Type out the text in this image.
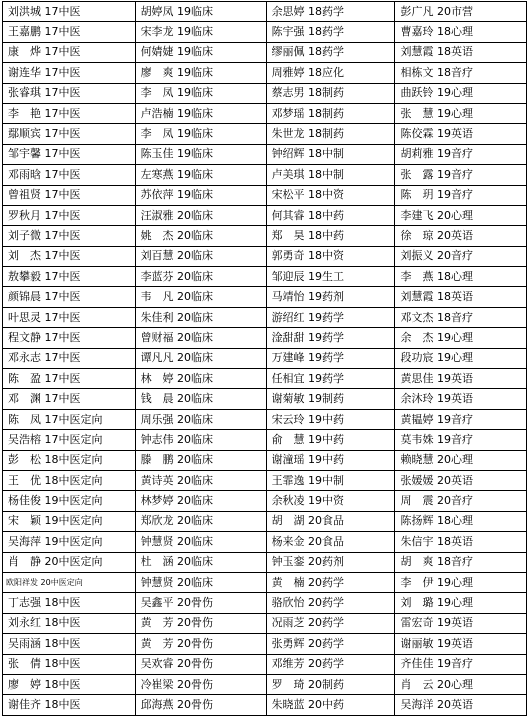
刘洪城 17中医	胡婷凤 19临床	余思婷 18药学	彭广凡 20市营
王嘉鹏 17中医	宋李龙 19临床	陈宇强 18药学	曹嘉玲 18心理
康　烨 17中医	何婧婕 19临床	缪丽佩 18药学	刘慧霞 18英语
谢连华 17中医	廖　爽 19临床	周雅婷 18应化	相栋文 18音疗
张睿琪 17中医	李　凤 19临床	蔡志男 18制药	曲跃铃 19心理
李　艳 17中医	卢浩楠 19临床	邓梦瑶 18制药	张　慧 19心理
鄢顺宾 17中医	李　凤 19临床	朱世龙 18制药	陈佼霖 19英语
邹宇馨 17中医	陈玉佳 19临床	钟绍辉 18中制	胡莉雅 19音疗
邓雨晗 17中医	左寒燕 19临床	卢美琪 18中制	张　露 19音疗
曾祖贤 17中医	苏依萍 19临床	宋松平 18中资	陈　玥 19音疗
罗秋月 17中医	汪淑雅 20临床	何其睿 18中药	李建飞 20心理
刘子微 17中医	姚　杰 20临床	郑　昊 18中药	徐　琼 20英语
刘　杰 17中医	刘百慧 20临床	郭勇奇 18中资	刘振义 20音疗
敖攀毅 17中医	李蓝芬 20临床	邹迎辰 19生工	李　燕 18心理
颜锦晨 17中医	韦　凡 20临床	马靖怡 19药剂	刘慧霞 18英语
叶思灵 17中医	朱佳利 20临床	游绍红 19药学	邓文杰 18音疗
程文静 17中医	曾财福 20临床	淦甜甜 19药学	余　杰 19心理
邓永志 17中医	谭凡凡 20临床	万建峰 19药学	段功宸 19心理
陈　盈 17中医	林　婷 20临床	任相宜 19药学	黄思佳 19英语
邓　渊 17中医	钱　晨 20临床	谢菊敏 19制药	余沐玲 19英语
陈　凤 17中医定向	周乐强 20临床	宋云玲 19中药	黄韫婷 19音疗
吴浩榕 17中医定向	钟志伟 20临床	俞　慧 19中药	莫韦姝 19音疗
彭　松 18中医定向	滕　鹏 20临床	谢潼瑶 19中药	赖晓慧 20心理
王　优 18中医定向	黄诗英 20临床	王霏逸 19中制	张媛媛 20英语
杨佳俊 19中医定向	林梦婷 20临床	余秋凌 19中资	周　震 20音疗
宋　颖 19中医定向	郑欣龙 20临床	胡　湖 20食品	陈扬辉 18心理
吴海萍 19中医定向	钟慧贤 20临床	杨来金 20食品	朱信宇 18英语
肖　静 20中医定向	杜　涵 20临床	钟玉銮 20药剂	胡　爽 18音疗
欧阳祥发 20中医定向	钟慧贤 20临床	黄　楠 20药学	李　伊 19心理
丁志强 18中医	吴鑫平 20骨伤	骆欣怡 20药学	刘　璐 19心理
刘永红 18中医	黄　芳 20骨伤	况雨芝 20药学	雷宏奇 19英语
吴雨涵 18中医	黄　芳 20骨伤	张勇辉 20药学	谢丽敏 19英语
张　倩 18中医	吴欢睿 20骨伤	邓维芳 20药学	齐佳佳 19音疗
廖　婷 18中医	冷崔梁 20骨伤	罗　琦 20制药	肖　云 20心理
谢佳齐 18中医	邱海燕 20骨伤	朱晓蓝 20中药	吴海洋 20英语
